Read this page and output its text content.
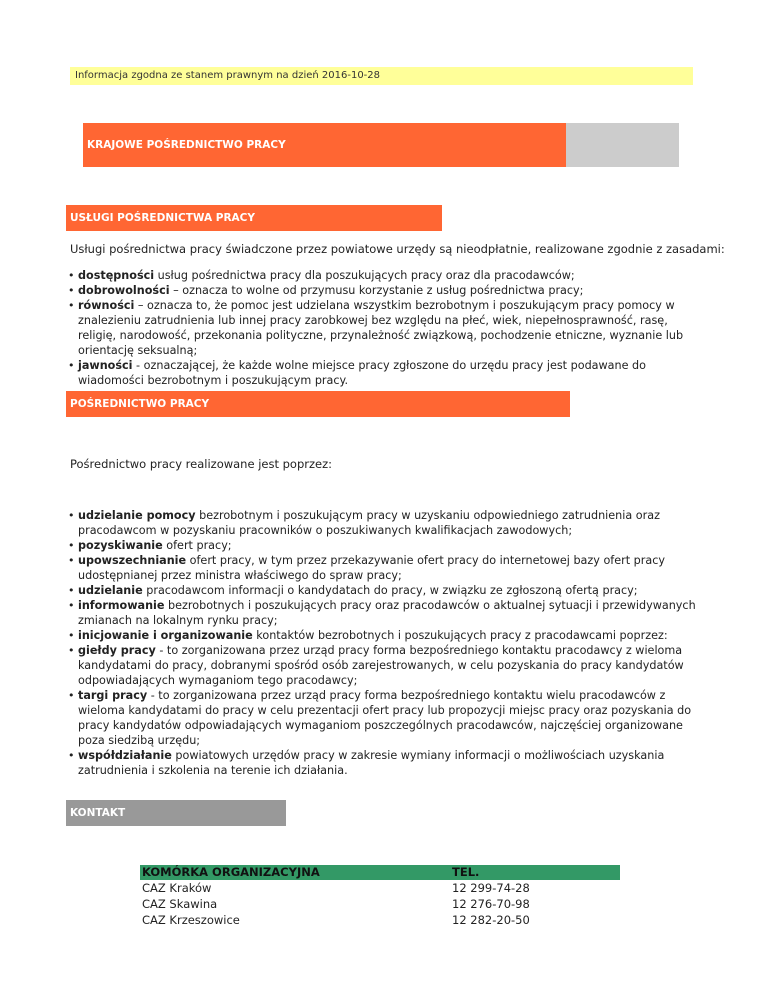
Informacja zgodna ze stanem prawnym na dzień 2016-10-28
KRAJOWE POŚREDNICTWO PRACY
USŁUGI POŚREDNICTWA PRACY
Usługi pośrednictwa pracy świadczone przez powiatowe urzędy są nieodpłatnie, realizowane zgodnie z zasadami:
• dostępności usług pośrednictwa pracy dla poszukujących pracy oraz dla pracodawców;
• dobrowolności – oznacza to wolne od przymusu korzystanie z usług pośrednictwa pracy;
• równości – oznacza to, że pomoc jest udzielana wszystkim bezrobotnym i poszukującym pracy pomocy w znalezieniu zatrudnienia lub innej pracy zarobkowej bez względu na płeć, wiek, niepełnosprawność, rasę, religię, narodowość, przekonania polityczne, przynależność związkową, pochodzenie etniczne, wyznanie lub orientację seksualną;
• jawności - oznaczającej, że każde wolne miejsce pracy zgłoszone do urzędu pracy jest podawane do wiadomości bezrobotnym i poszukującym pracy.
POŚREDNICTWO PRACY
Pośrednictwo pracy realizowane jest poprzez:
• udzielanie pomocy bezrobotnym i poszukującym pracy w uzyskaniu odpowiedniego zatrudnienia oraz pracodawcom w pozyskaniu pracowników o poszukiwanych kwalifikacjach zawodowych;
• pozyskiwanie ofert pracy;
• upowszechnianie ofert pracy, w tym przez przekazywanie ofert pracy do internetowej bazy ofert pracy udostępnianej przez ministra właściwego do spraw pracy;
• udzielanie pracodawcom informacji o kandydatach do pracy, w związku ze zgłoszoną ofertą pracy;
• informowanie bezrobotnych i poszukujących pracy oraz pracodawców o aktualnej sytuacji i przewidywanych zmianach na lokalnym rynku pracy;
• inicjowanie i organizowanie kontaktów bezrobotnych i poszukujących pracy z pracodawcami poprzez:
• giełdy pracy - to zorganizowana przez urząd pracy forma bezpośredniego kontaktu pracodawcy z wieloma kandydatami do pracy, dobranymi spośród osób zarejestrowanych, w celu pozyskania do pracy kandydatów odpowiadających wymaganiom tego pracodawcy;
• targi pracy - to zorganizowana przez urząd pracy forma bezpośredniego kontaktu wielu pracodawców z wieloma kandydatami do pracy w celu prezentacji ofert pracy lub propozycji miejsc pracy oraz pozyskania do pracy kandydatów odpowiadających wymaganiom poszczególnych pracodawców, najczęściej organizowane poza siedzibą urzędu;
• współdziałanie powiatowych urzędów pracy w zakresie wymiany informacji o możliwościach uzyskania zatrudnienia i szkolenia na terenie ich działania.
KONTAKT
KOMÓRKA ORGANIZACYJNA	TEL.
CAZ Kraków	12 299-74-28
CAZ Skawina	12 276-70-98
CAZ Krzeszowice	12 282-20-50
